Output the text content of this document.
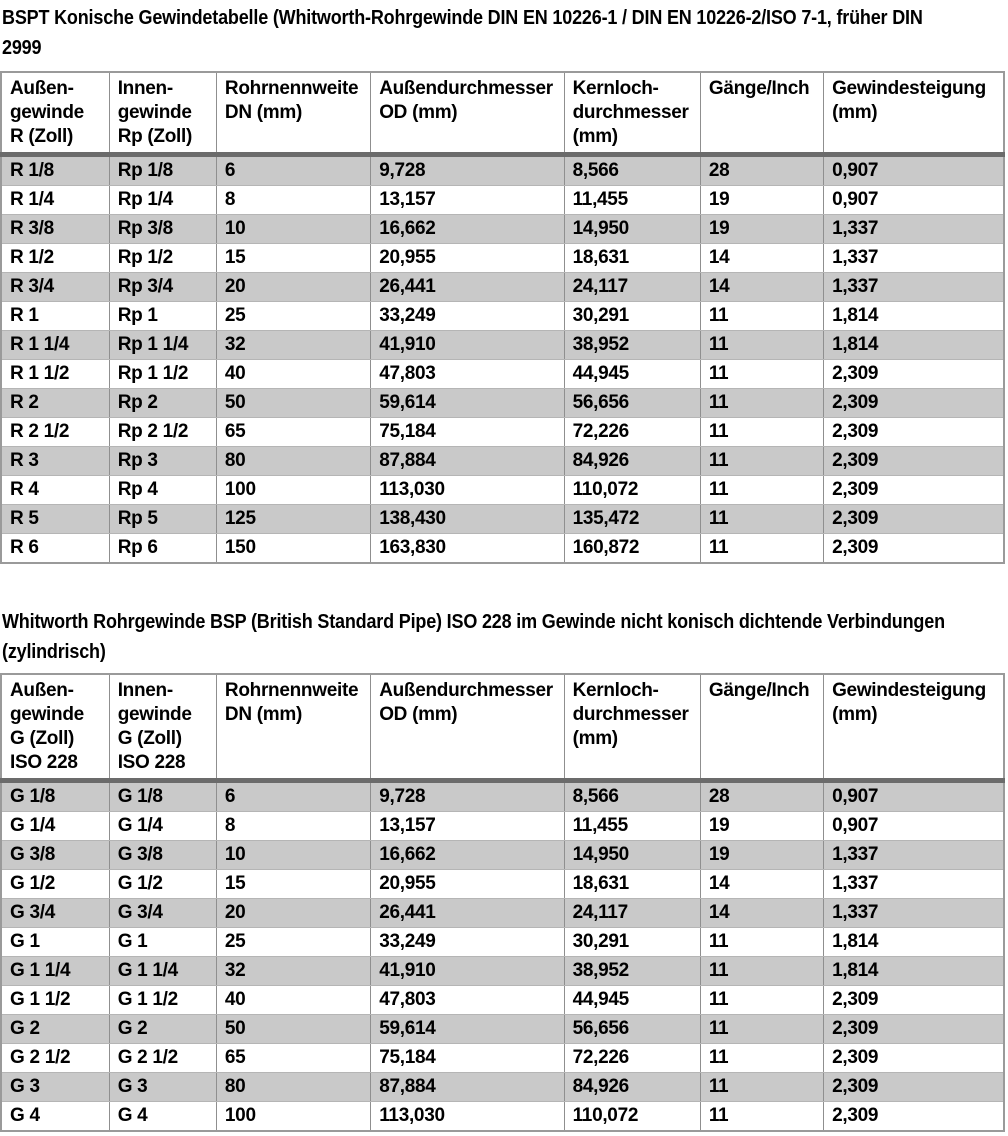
BSPT Konische Gewindetabelle (Whitworth-Rohrgewinde DIN EN 10226-1 / DIN EN 10226-2/ISO 7-1, früher DIN
2999
Außen-
gewinde
R (Zoll)	Innen-
gewinde
Rp (Zoll)	Rohrnennweite
DN (mm)	Außendurchmesser
OD (mm)	Kernloch-
durchmesser
(mm)	Gänge/Inch	Gewindesteigung
(mm)
R 1/8	Rp 1/8	6	9,728	8,566	28	0,907
R 1/4	Rp 1/4	8	13,157	11,455	19	0,907
R 3/8	Rp 3/8	10	16,662	14,950	19	1,337
R 1/2	Rp 1/2	15	20,955	18,631	14	1,337
R 3/4	Rp 3/4	20	26,441	24,117	14	1,337
R 1	Rp 1	25	33,249	30,291	11	1,814
R 1 1/4	Rp 1 1/4	32	41,910	38,952	11	1,814
R 1 1/2	Rp 1 1/2	40	47,803	44,945	11	2,309
R 2	Rp 2	50	59,614	56,656	11	2,309
R 2 1/2	Rp 2 1/2	65	75,184	72,226	11	2,309
R 3	Rp 3	80	87,884	84,926	11	2,309
R 4	Rp 4	100	113,030	110,072	11	2,309
R 5	Rp 5	125	138,430	135,472	11	2,309
R 6	Rp 6	150	163,830	160,872	11	2,309
Whitworth Rohrgewinde BSP (British Standard Pipe) ISO 228 im Gewinde nicht konisch dichtende Verbindungen
(zylindrisch)
Außen-
gewinde
G (Zoll)
ISO 228	Innen-
gewinde
G (Zoll)
ISO 228	Rohrnennweite
DN (mm)	Außendurchmesser
OD (mm)	Kernloch-
durchmesser
(mm)	Gänge/Inch	Gewindesteigung
(mm)
G 1/8	G 1/8	6	9,728	8,566	28	0,907
G 1/4	G 1/4	8	13,157	11,455	19	0,907
G 3/8	G 3/8	10	16,662	14,950	19	1,337
G 1/2	G 1/2	15	20,955	18,631	14	1,337
G 3/4	G 3/4	20	26,441	24,117	14	1,337
G 1	G 1	25	33,249	30,291	11	1,814
G 1 1/4	G 1 1/4	32	41,910	38,952	11	1,814
G 1 1/2	G 1 1/2	40	47,803	44,945	11	2,309
G 2	G 2	50	59,614	56,656	11	2,309
G 2 1/2	G 2 1/2	65	75,184	72,226	11	2,309
G 3	G 3	80	87,884	84,926	11	2,309
G 4	G 4	100	113,030	110,072	11	2,309
